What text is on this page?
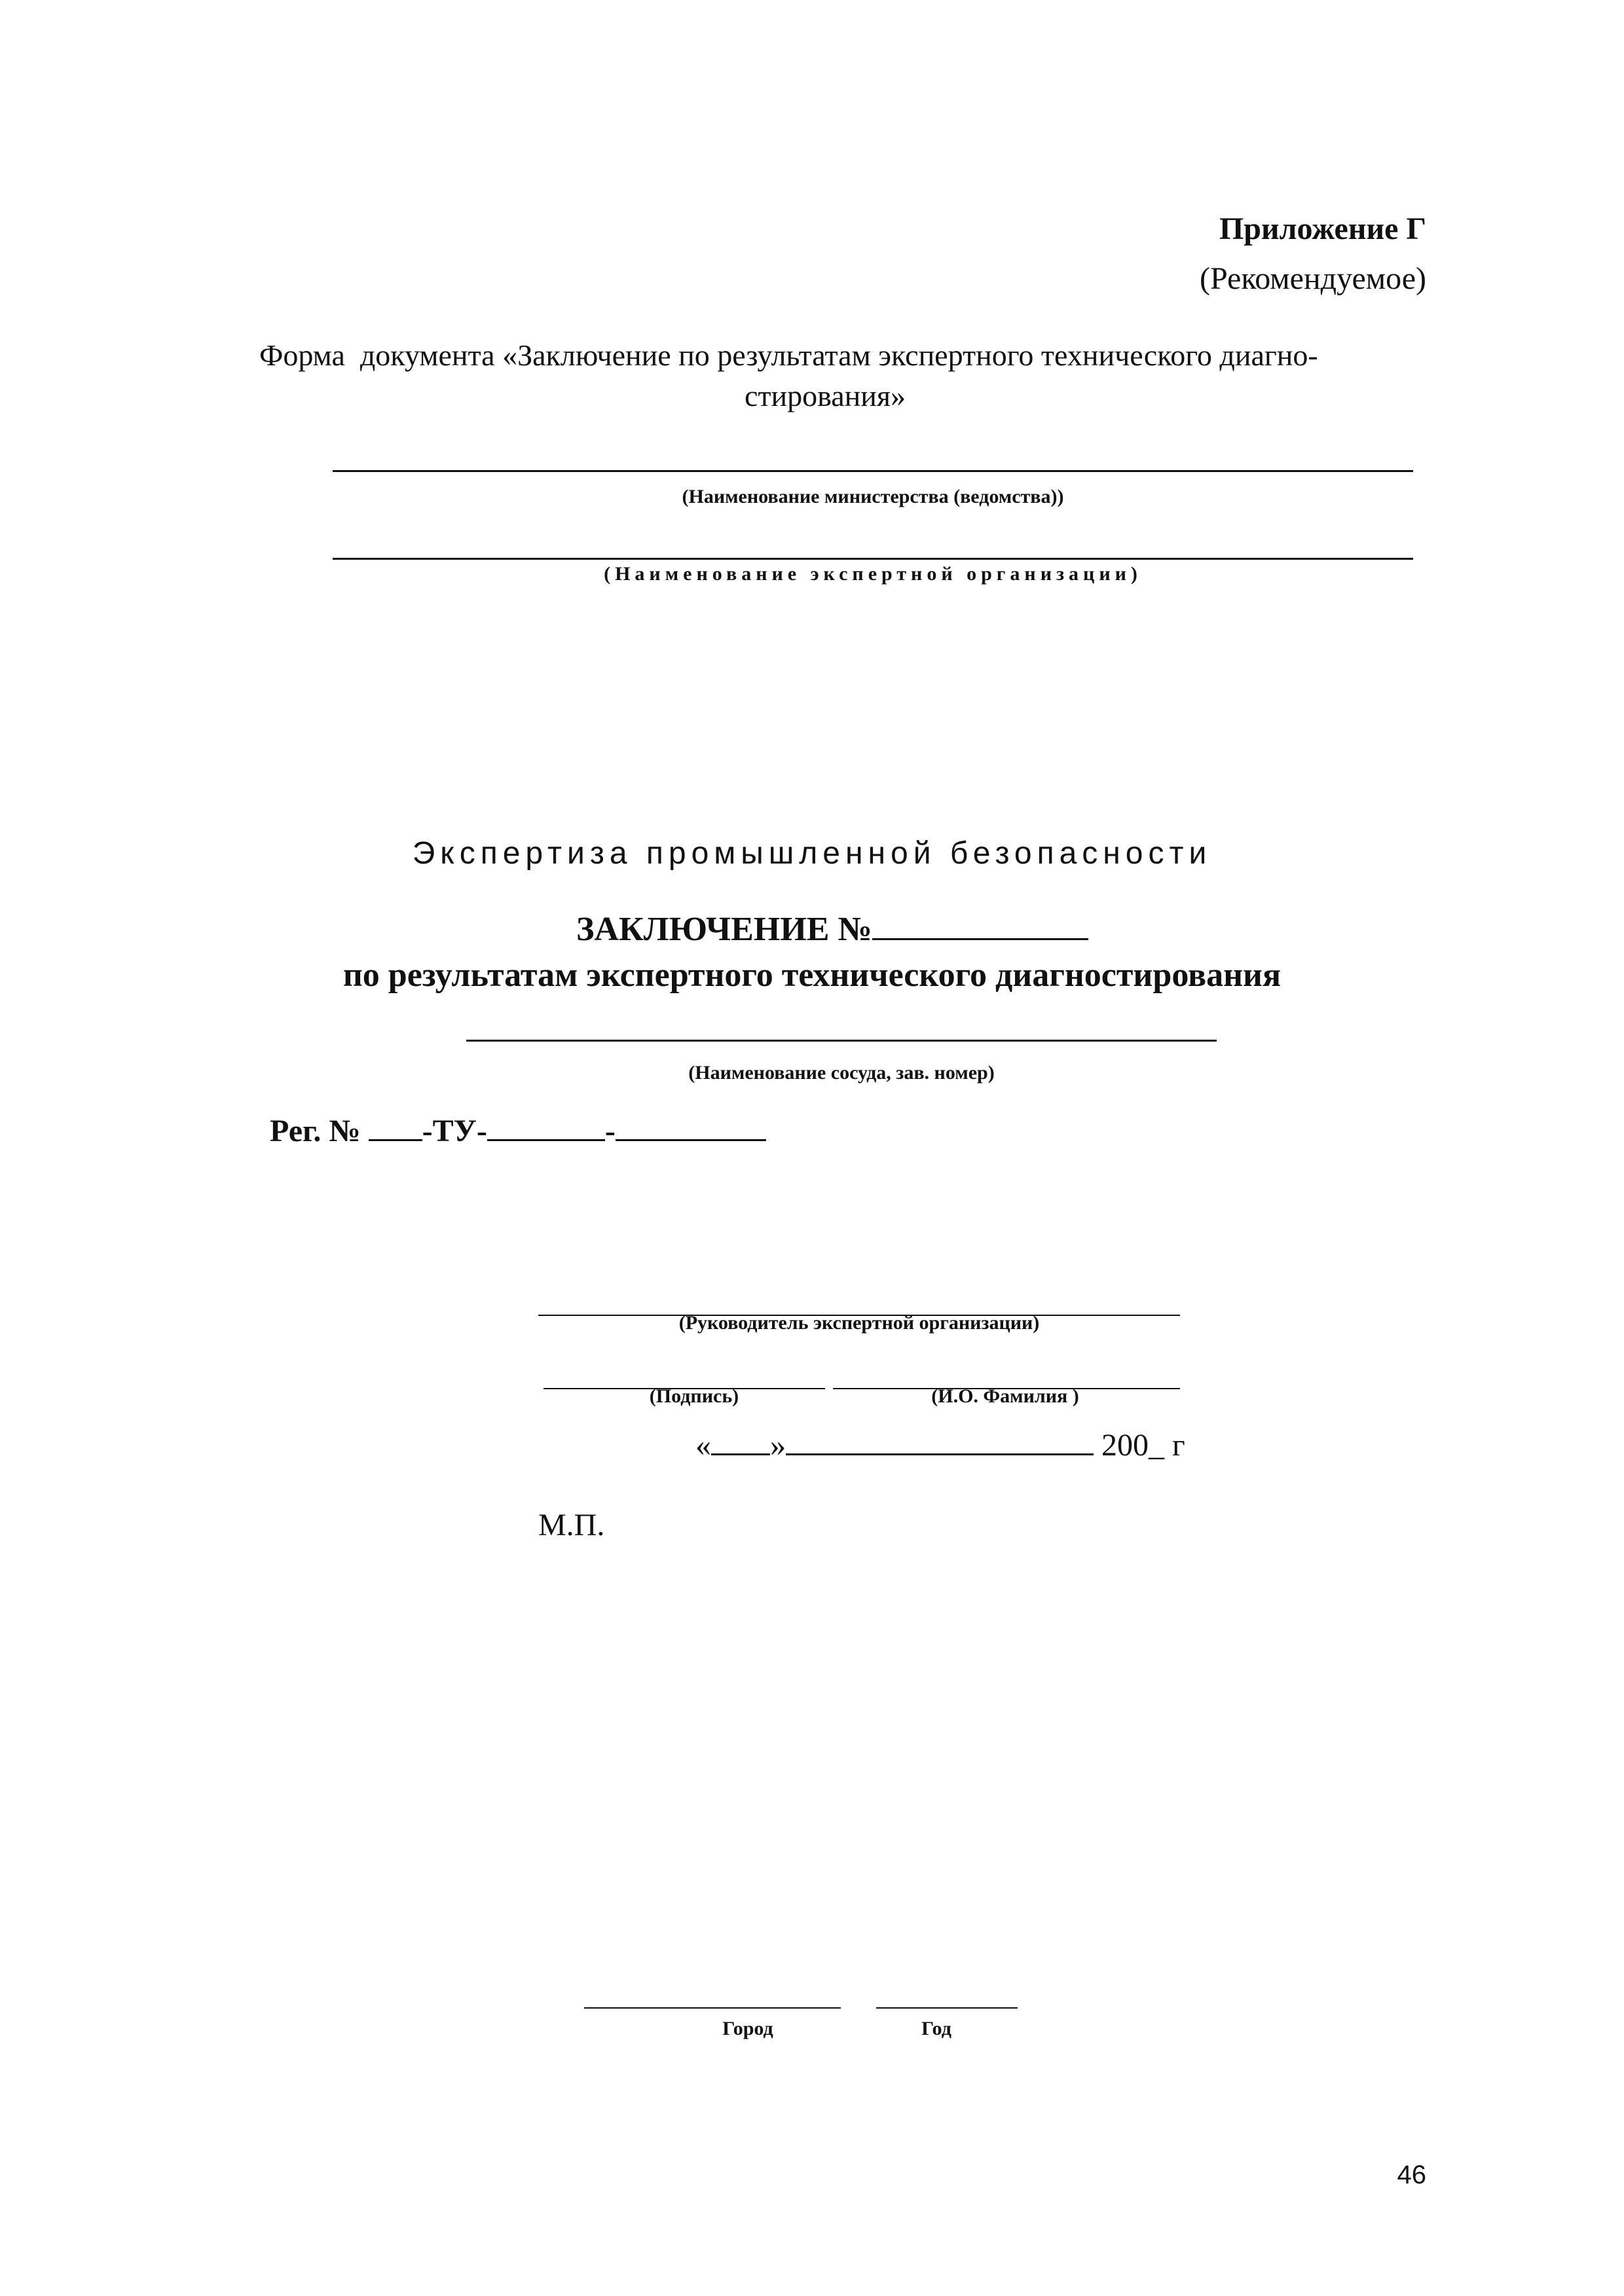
Приложение Г
(Рекомендуемое)
Форма  документа «Заключение по результатам экспертного технического диагно-
стирования»
(Наименование министерства (ведомства))
(Наименование экспертной организации)
Экспертиза промышленной безопасности
ЗАКЛЮЧЕНИЕ №
по результатам экспертного технического диагностирования
(Наименование сосуда, зав. номер)
Рег. № -ТУ-	-
(Руководитель экспертной организации)
(Подпись)	(И.О. Фамилия )
« »	200_ г
М.П.
Город	Год
46
